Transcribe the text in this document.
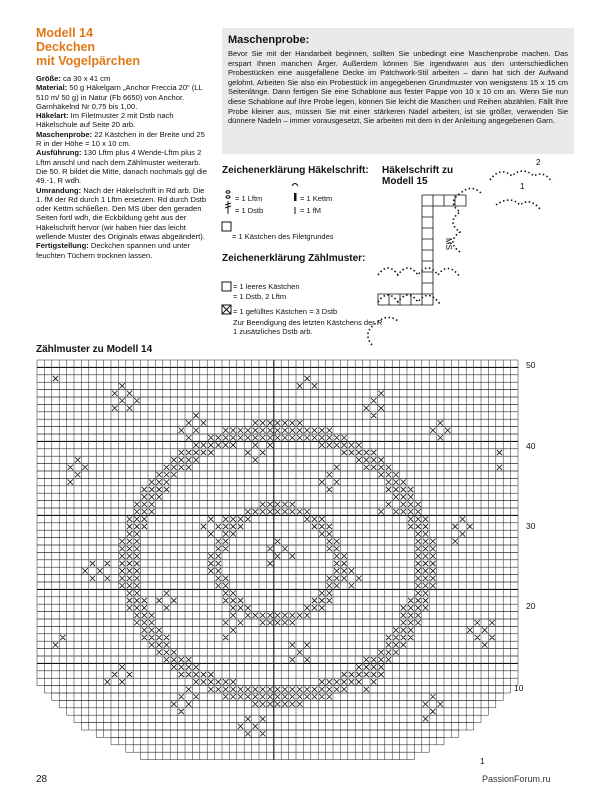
Modell 14
Deckchen
mit Vogelpärchen

Größe: ca 30 x 41 cm

Material: 50 g Häkelgarn „Anchor Freccia 20“ (LL 510 m/ 50 g) in Natur (Fb 6650) von Anchor. Garnhäkelnd Nr 0,75 bis 1,00.

Häkelart: Im Filetmuster 2 mit Dstb nach Häkelschule auf Seite 20 arb.

Maschenprobe: 22 Kästchen in der Breite und 25 R in der Höhe = 10 x 10 cm.

Ausführung: 130 Lftm plus 4 Wende-Lftm plus 2 Lftm anschl und nach dem Zählmuster weiterarb. Die 50. R bildet die Mitte, danach nochmals ggl die 49.-1. R wdh.

Umrandung: Nach der Häkelschrift in Rd arb. Die 1. fM der Rd durch 1 Lftm ersetzen. Rd durch Dstb oder Kettm schließen. Den MS über den geraden Seiten fortl wdh, die Eckbildung geht aus der Häkelschrift hervor (wir haben hier das leicht wellende Muster des Originals etwas abgeändert).

Fertigstellung: Deckchen spannen und unter feuchten Tüchern trocknen lassen.

Maschenprobe:
Bevor Sie mit der Handarbeit beginnen, sollten Sie unbedingt eine Maschenprobe machen. Das erspart Ihnen manchen Ärger. Außerdem können Sie irgendwann aus den unterschiedlichen Probestücken eine ausgefallene Decke im Patchwork-Stil arbeiten – dann hat sich der Aufwand gelohnt. Arbeiten Sie also ein Probestück im angegebenen Grundmuster von wenigstens 15 x 15 cm Seitenlänge. Dann fertigen Sie eine Schablone aus fester Pappe von 10 x 10 cm an. Wenn Sie nun diese Schablone auf Ihre Probe legen, können Sie leicht die Maschen und Reihen abzählen. Fällt Ihre Probe kleiner aus, müssen Sie mit einer stärkeren Nadel arbeiten, ist sie größer, verwenden Sie dünnere Nadeln – immer vorausgesetzt, Sie arbeiten mit dem in der Anleitung angegebenen Garn.
Zeichenerklärung Häkelschrift:
= 1 Lftm	= 1 Kettm
= 1 Dstb	= 1 fM
= 1 Kästchen des Filetgrundes
Zeichenerklärung Zählmuster:
= 1 leeres Kästchen
= 1 Dstb, 2 Lftm
= 1 gefülltes Kästchen = 3 Dstb
Zur Beendigung des letzten Kästchens der R 1 zusätzliches Dstb arb.
Häkelschrift zu Modell 15
Zählmuster zu Modell 14
50
40
30
20
10
1
28	PassionForum.ru
MS
1
2
